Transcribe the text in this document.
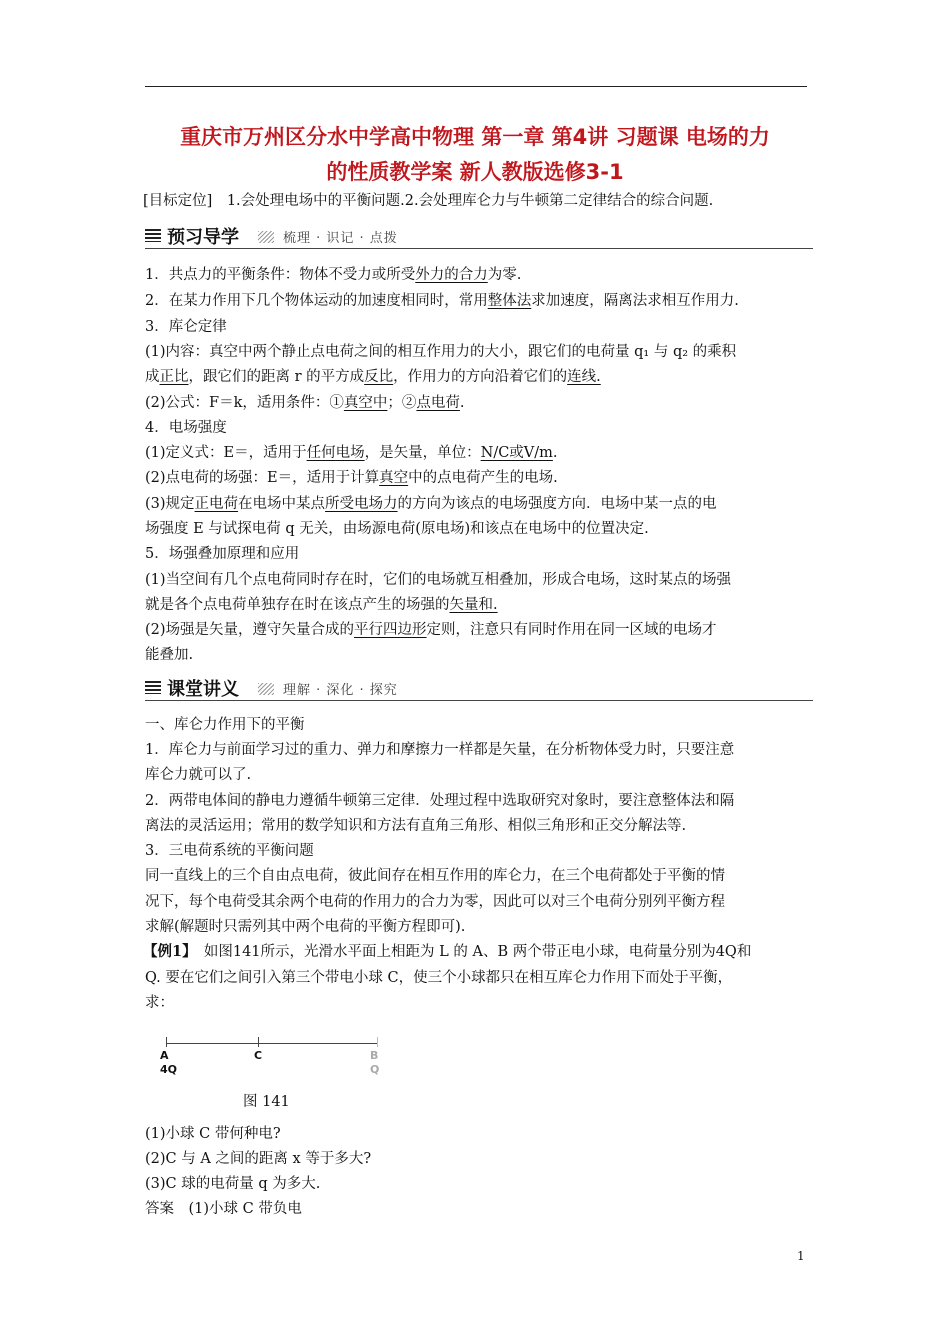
重庆市万州区分水中学高中物理 第一章 第4讲 习题课 电场的力
的性质教学案 新人教版选修3-1
[目标定位]　1.会处理电场中的平衡问题.2.会处理库仑力与牛顿第二定律结合的综合问题.
预习导学	梳理 · 识记 · 点拨
1．共点力的平衡条件：物体不受力或所受外力的合力为零.
2．在某力作用下几个物体运动的加速度相同时，常用整体法求加速度，隔离法求相互作用力.
3．库仑定律
(1)内容：真空中两个静止点电荷之间的相互作用力的大小，跟它们的电荷量 q₁ 与 q₂ 的乘积
成正比，跟它们的距离 r 的平方成反比，作用力的方向沿着它们的连线.
(2)公式：F＝k，适用条件：①真空中；②点电荷.
4．电场强度
(1)定义式：E＝，适用于任何电场，是矢量，单位：N/C或V/m.
(2)点电荷的场强：E＝，适用于计算真空中的点电荷产生的电场.
(3)规定正电荷在电场中某点所受电场力的方向为该点的电场强度方向．电场中某一点的电
场强度 E 与试探电荷 q 无关，由场源电荷(原电场)和该点在电场中的位置决定.
5．场强叠加原理和应用
(1)当空间有几个点电荷同时存在时，它们的电场就互相叠加，形成合电场，这时某点的场强
就是各个点电荷单独存在时在该点产生的场强的矢量和.
(2)场强是矢量，遵守矢量合成的平行四边形定则，注意只有同时作用在同一区域的电场才
能叠加.
课堂讲义	理解 · 深化 · 探究
一、库仑力作用下的平衡
1．库仑力与前面学习过的重力、弹力和摩擦力一样都是矢量，在分析物体受力时，只要注意
库仑力就可以了.
2．两带电体间的静电力遵循牛顿第三定律．处理过程中选取研究对象时，要注意整体法和隔
离法的灵活运用；常用的数学知识和方法有直角三角形、相似三角形和正交分解法等.
3．三电荷系统的平衡问题
同一直线上的三个自由点电荷，彼此间存在相互作用的库仑力，在三个电荷都处于平衡的情
况下，每个电荷受其余两个电荷的作用力的合力为零，因此可以对三个电荷分别列平衡方程
求解(解题时只需列其中两个电荷的平衡方程即可).
【例1】　如图141所示，光滑水平面上相距为 L 的 A、B 两个带正电小球，电荷量分别为4Q和
Q. 要在它们之间引入第三个带电小球 C，使三个小球都只在相互库仑力作用下而处于平衡，
求：
A
4Q
C	B
Q
图 141
(1)小球 C 带何种电?
(2)C 与 A 之间的距离 x 等于多大?
(3)C 球的电荷量 q 为多大.
答案　(1)小球 C 带负电
1
